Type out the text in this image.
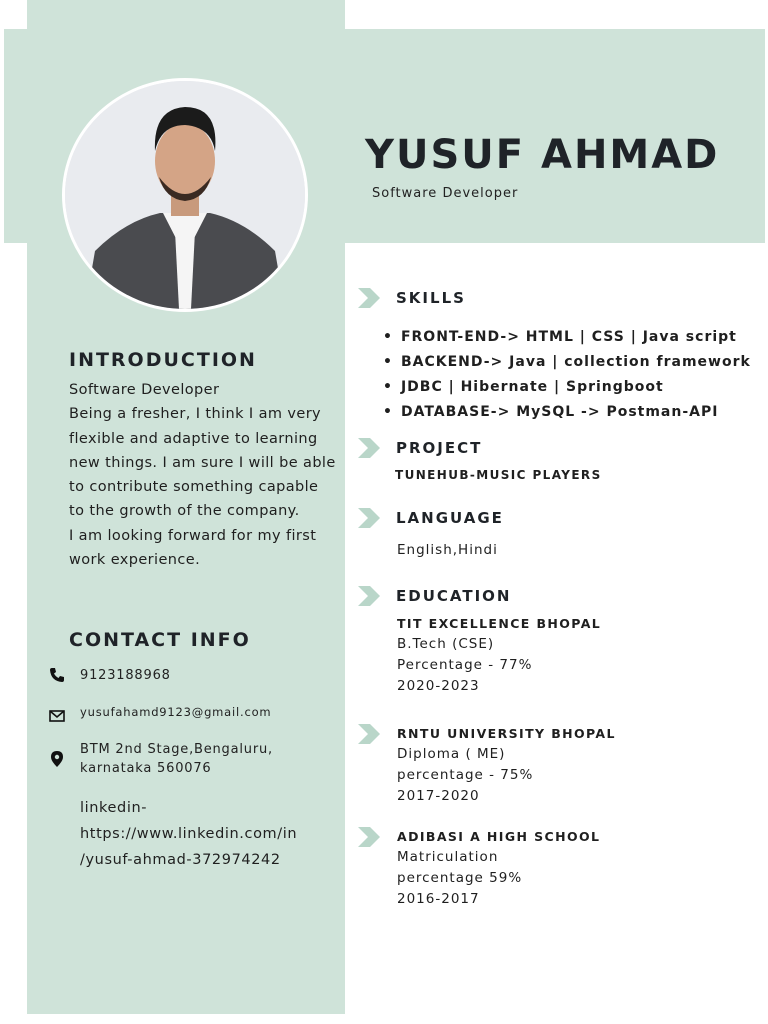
YUSUF AHMAD
Software Developer
INTRODUCTION

Software Developer

Being a fresher, I think I am very flexible and adaptive to learning new things. I am sure I will be able to contribute something capable to the growth of the company.

I am looking forward for my first work experience.

CONTACT INFO
9123188968
yusufahamd9123@gmail.com
BTM 2nd Stage,Bengaluru,
karnataka 560076
linkedin-
https://www.linkedin.com/in
/yusuf-ahmad-372974242
SKILLS
• FRONT-END-> HTML | CSS | Java script
• BACKEND-> Java | collection framework
• JDBC | Hibernate | Springboot
• DATABASE-> MySQL -> Postman-API
PROJECT
TUNEHUB-MUSIC PLAYERS
LANGUAGE
English,Hindi
EDUCATION
TIT EXCELLENCE BHOPAL
B.Tech (CSE)
Percentage - 77%
2020-2023
RNTU UNIVERSITY BHOPAL
Diploma ( ME)
percentage - 75%
2017-2020
ADIBASI A HIGH SCHOOL
Matriculation
percentage 59%
2016-2017
